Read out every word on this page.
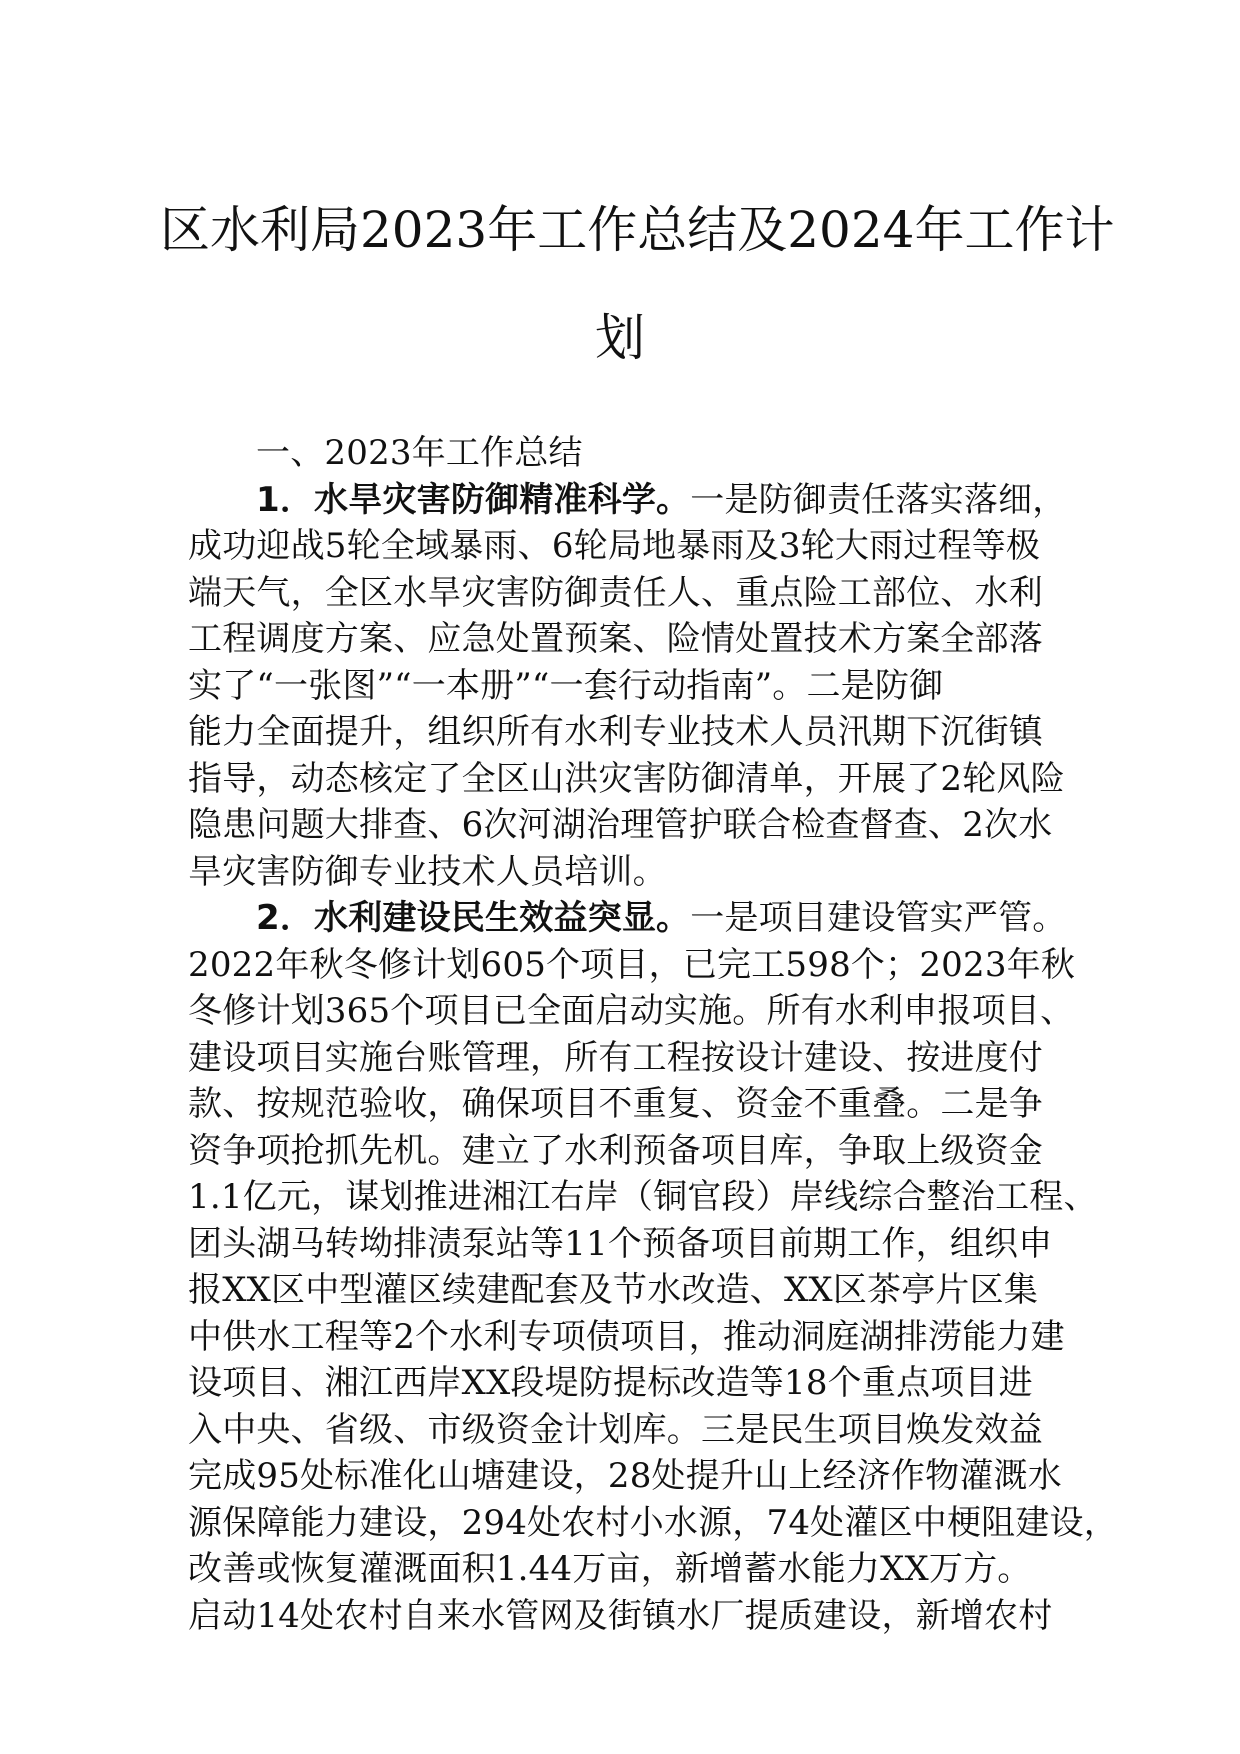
区水利局2023年工作总结及2024年工作计
划
一、2023年工作总结
1．水旱灾害防御精准科学。一是防御责任落实落细，
成功迎战5轮全域暴雨、6轮局地暴雨及3轮大雨过程等极
端天气，全区水旱灾害防御责任人、重点险工部位、水利
工程调度方案、应急处置预案、险情处置技术方案全部落
实了“一张图”“一本册”“一套行动指南”。二是防御
能力全面提升，组织所有水利专业技术人员汛期下沉街镇
指导，动态核定了全区山洪灾害防御清单，开展了2轮风险
隐患问题大排查、6次河湖治理管护联合检查督查、2次水
旱灾害防御专业技术人员培训。
2．水利建设民生效益突显。一是项目建设管实严管。
2022年秋冬修计划605个项目，已完工598个；2023年秋
冬修计划365个项目已全面启动实施。所有水利申报项目、
建设项目实施台账管理，所有工程按设计建设、按进度付
款、按规范验收，确保项目不重复、资金不重叠。二是争
资争项抢抓先机。建立了水利预备项目库，争取上级资金
1.1亿元，谋划推进湘江右岸（铜官段）岸线综合整治工程、
团头湖马转坳排渍泵站等11个预备项目前期工作，组织申
报XX区中型灌区续建配套及节水改造、XX区茶亭片区集
中供水工程等2个水利专项债项目，推动洞庭湖排涝能力建
设项目、湘江西岸XX段堤防提标改造等18个重点项目进
入中央、省级、市级资金计划库。三是民生项目焕发效益
完成95处标准化山塘建设，28处提升山上经济作物灌溉水
源保障能力建设，294处农村小水源，74处灌区中梗阻建设，
改善或恢复灌溉面积1.44万亩，新增蓄水能力XX万方。
启动14处农村自来水管网及街镇水厂提质建设，新增农村
